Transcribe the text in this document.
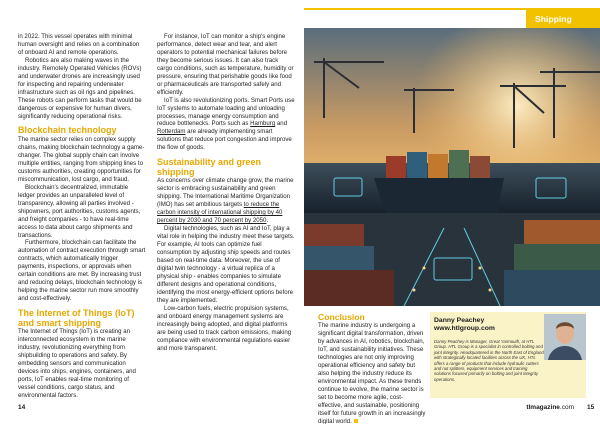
in 2022. This vessel operates with minimal human oversight and relies on a combination of onboard AI and remote operations.

Robotics are also making waves in the industry. Remotely Operated Vehicles (ROVs) and underwater drones are increasingly used for inspecting and repairing underwater infrastructure such as oil rigs and pipelines. These robots can perform tasks that would be dangerous or expensive for human divers, significantly reducing operational risks.

Blockchain technology

The marine sector relies on complex supply chains, making blockchain technology a game-changer. The global supply chain can involve multiple entities, ranging from shipping lines to customs authorities, creating opportunities for miscommunication, lost cargo, and fraud.

Blockchain's decentralized, immutable ledger provides an unparalleled level of transparency, allowing all parties involved - shipowners, port authorities, customs agents, and freight companies - to have real-time access to data about cargo shipments and transactions.

Furthermore, blockchain can facilitate the automation of contract execution through smart contracts, which automatically trigger payments, inspections, or approvals when certain conditions are met. By increasing trust and reducing delays, blockchain technology is helping the marine sector run more smoothly and cost-effectively.

The Internet of Things (IoT) and smart shipping

The Internet of Things (IoT) is creating an interconnected ecosystem in the marine industry, revolutionizing everything from shipbuilding to operations and safety. By embedding sensors and communication devices into ships, engines, containers, and ports, IoT enables real-time monitoring of vessel conditions, cargo status, and environmental factors.

For instance, IoT can monitor a ship's engine performance, detect wear and tear, and alert operators to potential mechanical failures before they become serious issues. It can also track cargo conditions, such as temperature, humidity or pressure, ensuring that perishable goods like food or pharmaceuticals are transported safely and efficiently.

IoT is also revolutionizing ports. Smart Ports use IoT systems to automate loading and unloading processes, manage energy consumption and reduce bottlenecks. Ports such as Hamburg and Rotterdam are already implementing smart solutions that reduce port congestion and improve the flow of goods.

Sustainability and green shipping

As concerns over climate change grow, the marine sector is embracing sustainability and green shipping. The International Maritime Organization (IMO) has set ambitious targets to reduce the carbon intensity of international shipping by 40 percent by 2030 and 70 percent by 2050.

Digital technologies, such as AI and IoT, play a vital role in helping the industry meet these targets. For example, AI tools can optimize fuel consumption by adjusting ship speeds and routes based on real-time data. Moreover, the use of digital twin technology - a virtual replica of a physical ship - enables companies to simulate different designs and operational conditions, identifying the most energy-efficient options before they are implemented.

Low-carbon fuels, electric propulsion systems, and onboard energy management systems are increasingly being adopted, and digital platforms are being used to track carbon emissions, making compliance with environmental regulations easier and more transparent.

14
Shipping
Conclusion

The marine industry is undergoing a significant digital transformation, driven by advances in AI, robotics, blockchain, IoT, and sustainability initiatives. These technologies are not only improving operational efficiency and safety but also helping the industry reduce its environmental impact. As these trends continue to evolve, the marine sector is set to become more agile, cost-effective, and sustainable, positioning itself for future growth in an increasingly digital world.

Danny Peachey
www.htlgroup.com
Danny Peachey is Manager, Great Yarmouth, at HTL Group. HTL Group is a specialist in controlled bolting and joint integrity. Headquartered in the North East of England with strategically located facilities across the UK, HTL offers a range of products that include hydraulic cutters and nut splitters, equipment services and training solutions focused primarily on bolting and joint integrity operations.
tlmagazine.com 15
